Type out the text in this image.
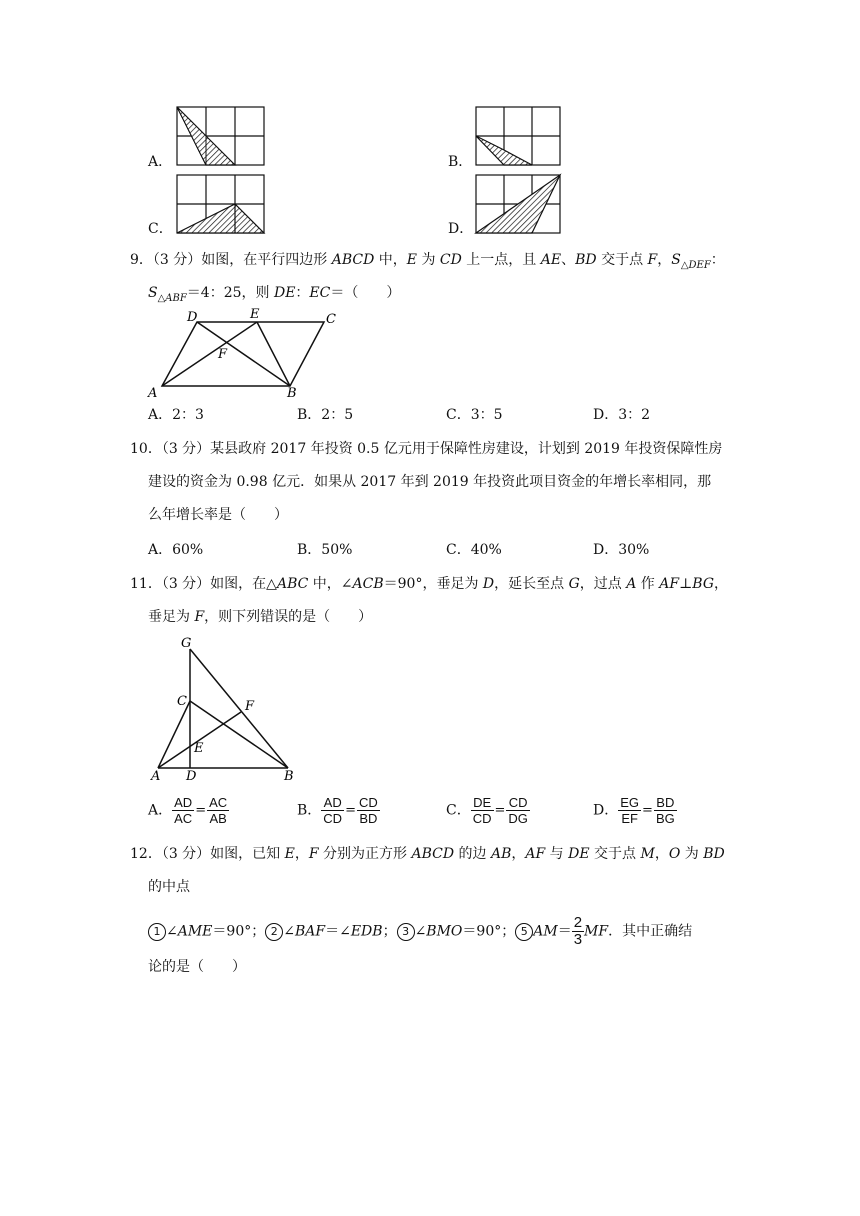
A．	B．
C．	D．
9．（3 分）如图，在平行四边形 ABCD 中，E 为 CD 上一点，且 AE、BD 交于点 F，$S_{\triangle DEF}$：
$S_{\triangle ABF}=4$：25，则 DE：EC＝（　　）
D	E	C
F
A	B
A．2：3	B．2：5	C．3：5	D．3：2
10．（3 分）某县政府 2017 年投资 0.5 亿元用于保障性房建设，计划到 2019 年投资保障性房
建设的资金为 0.98 亿元．如果从 2017 年到 2019 年投资此项目资金的年增长率相同，那
么年增长率是（　　）
A．60%	B．50%	C．40%	D．30%
11．（3 分）如图，在△ABC 中，∠ACB＝90°，垂足为 D，延长至点 G，过点 A 作 AF⊥BG，
垂足为 F，则下列错误的是（　　）
G
C	F
E
A D	B
A． $\frac{AD}{AC} = \frac{AC}{AB}$	B． $\frac{AD}{CD} = \frac{CD}{BD}$	C． $\frac{DE}{CD} = \frac{CD}{DG}$	D． $\frac{EG}{EF} = \frac{BD}{BG}$
12．（3 分）如图，已知 E，F 分别为正方形 ABCD 的边 AB，AF 与 DE 交于点 M，O 为 BD
的中点
1 ∠AME＝90°； 2 ∠BAF＝∠EDB； 3 ∠BMO＝90°； 5 $AM= \frac{2}{3}$ MF．其中正确结
论的是（　　）
